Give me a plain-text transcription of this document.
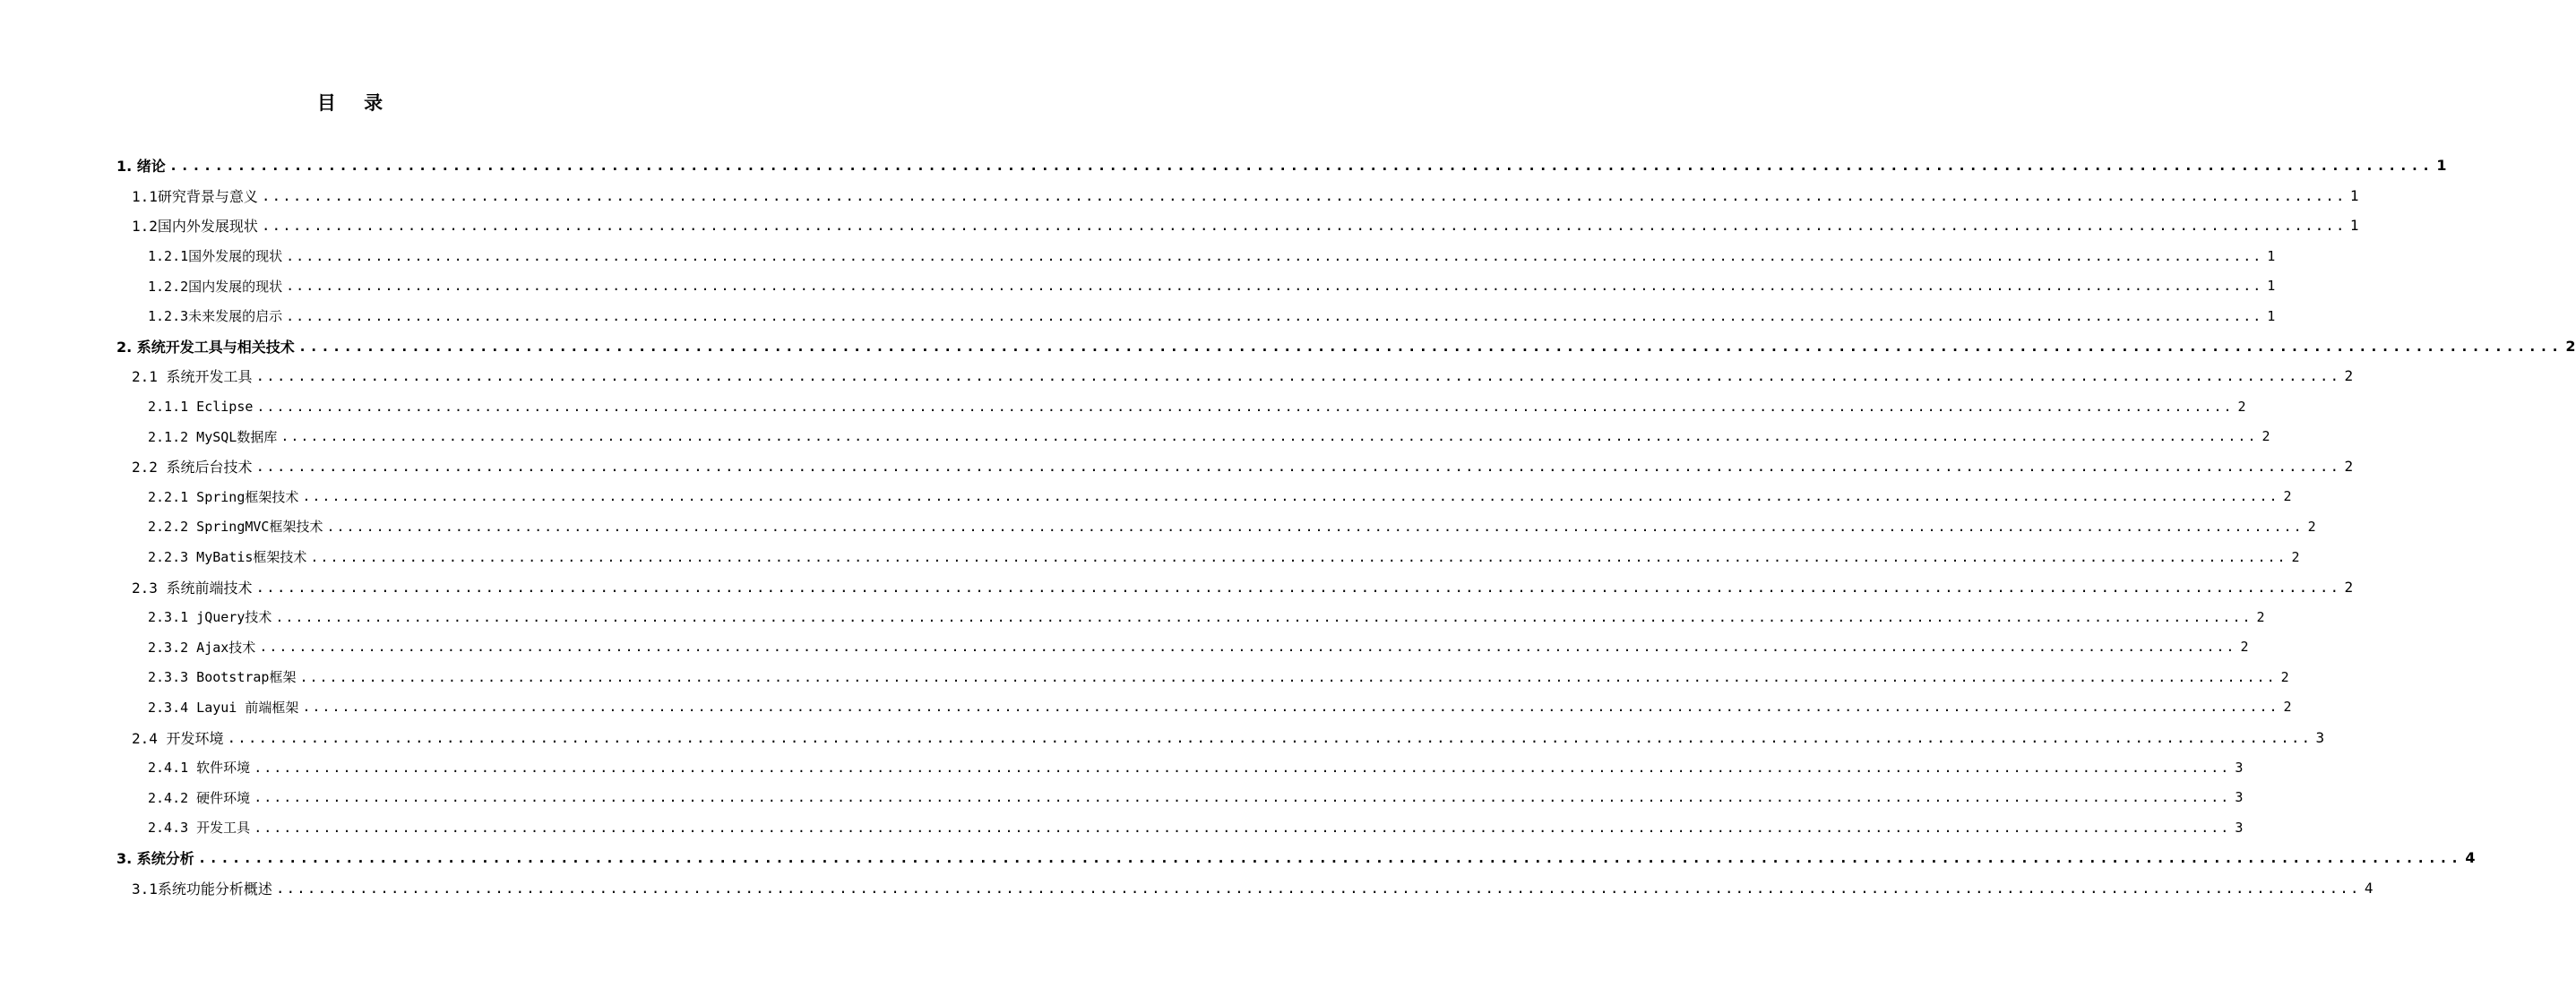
目 录
1. 绪论 ........................................................................................................................................................................................................ 1
1.1研究背景与意义 ........................................................................................................................................................................................................ 1
1.2国内外发展现状 ........................................................................................................................................................................................................ 1
1.2.1国外发展的现状 ........................................................................................................................................................................................................ 1
1.2.2国内发展的现状 ........................................................................................................................................................................................................ 1
1.2.3未来发展的启示 ........................................................................................................................................................................................................ 1
2. 系统开发工具与相关技术 ........................................................................................................................................................................................................ 2
2.1 系统开发工具 ........................................................................................................................................................................................................ 2
2.1.1 Eclipse ........................................................................................................................................................................................................ 2
2.1.2 MySQL数据库 ........................................................................................................................................................................................................ 2
2.2 系统后台技术 ........................................................................................................................................................................................................ 2
2.2.1 Spring框架技术 ........................................................................................................................................................................................................ 2
2.2.2 SpringMVC框架技术 ........................................................................................................................................................................................................ 2
2.2.3 MyBatis框架技术 ........................................................................................................................................................................................................ 2
2.3 系统前端技术 ........................................................................................................................................................................................................ 2
2.3.1 jQuery技术 ........................................................................................................................................................................................................ 2
2.3.2 Ajax技术 ........................................................................................................................................................................................................ 2
2.3.3 Bootstrap框架 ........................................................................................................................................................................................................ 2
2.3.4 Layui 前端框架 ........................................................................................................................................................................................................ 2
2.4 开发环境 ........................................................................................................................................................................................................ 3
2.4.1 软件环境 ........................................................................................................................................................................................................ 3
2.4.2 硬件环境 ........................................................................................................................................................................................................ 3
2.4.3 开发工具 ........................................................................................................................................................................................................ 3
3. 系统分析 ........................................................................................................................................................................................................ 4
3.1系统功能分析概述 ........................................................................................................................................................................................................ 4
